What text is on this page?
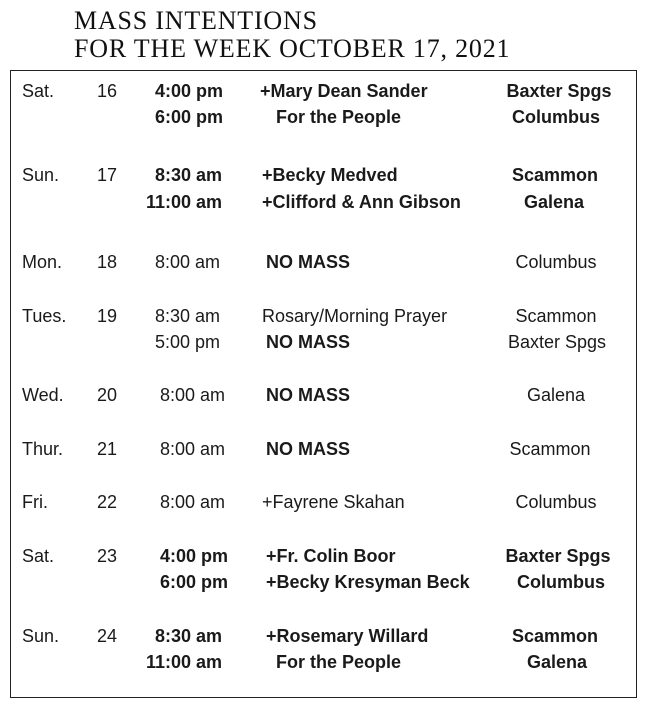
MASS INTENTIONS
FOR THE WEEK OCTOBER 17, 2021
Sat. 16 4:00 pm +Mary Dean Sander	Baxter Spgs
6:00 pm	For the People	Columbus
Sun. 17 8:30 am +Becky Medved	Scammon
11:00 am +Clifford & Ann Gibson	Galena
Mon. 18 8:00 am	NO MASS	Columbus
Tues. 19 8:30 am Rosary/Morning Prayer	Scammon
5:00 pm	NO MASS	Baxter Spgs
Wed. 20 8:00 am NO MASS	Galena
Thur. 21 8:00 am NO MASS	Scammon
Fri.	22 8:00 am +Fayrene Skahan	Columbus
Sat. 23 4:00 pm +Fr. Colin Boor	Baxter Spgs
6:00 pm +Becky Kresyman Beck	Columbus
Sun. 24 8:30 am +Rosemary Willard	Scammon
11:00 am	For the People	Galena
